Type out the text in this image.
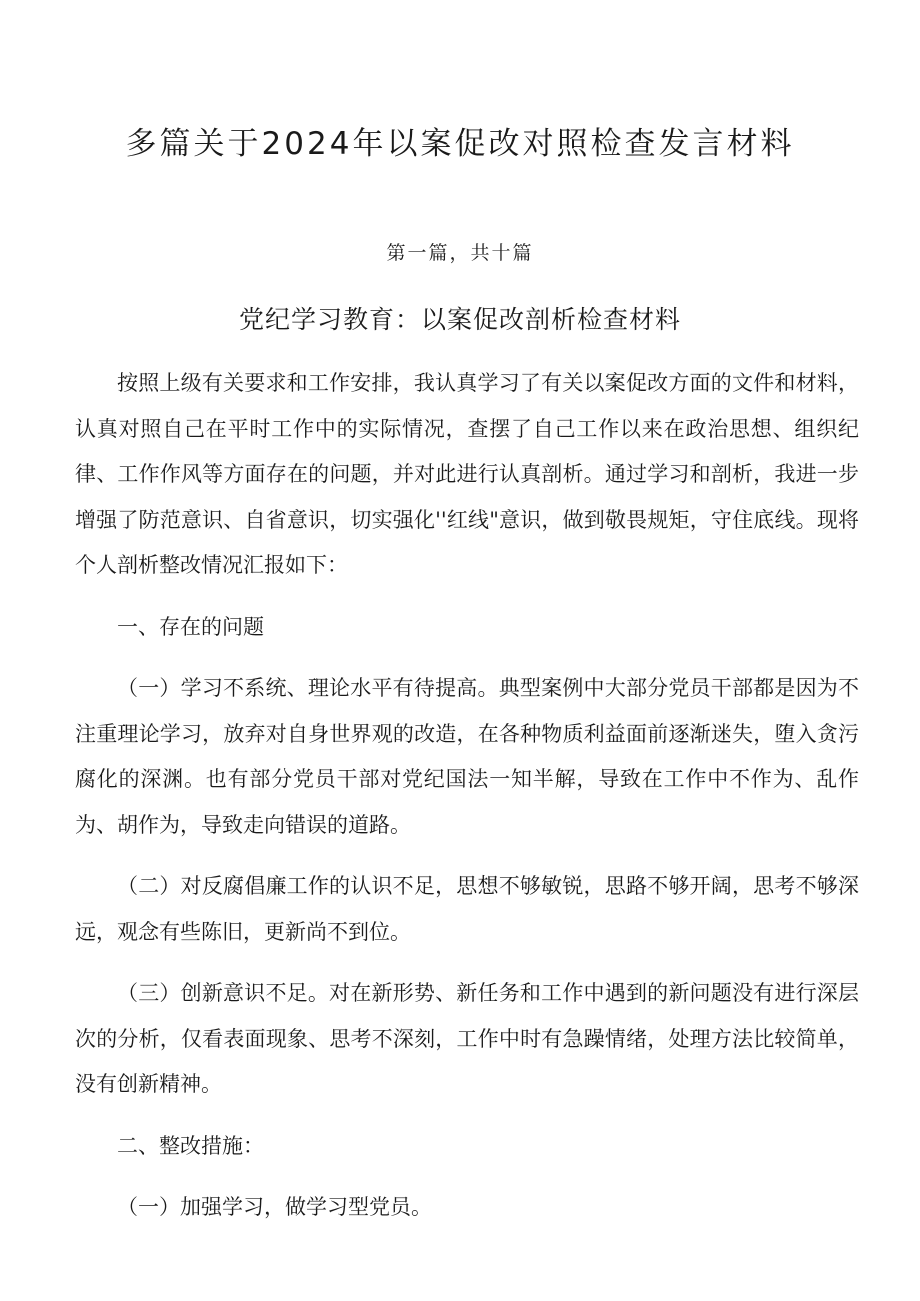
多篇关于2024年以案促改对照检查发言材料
第一篇，共十篇
党纪学习教育：以案促改剖析检查材料

按照上级有关要求和工作安排，我认真学习了有关以案促改方面的文件和材料，认真对照自己在平时工作中的实际情况，查摆了自己工作以来在政治思想、组织纪律、工作作风等方面存在的问题，并对此进行认真剖析。通过学习和剖析，我进一步增强了防范意识、自省意识，切实强化''红线"意识，做到敬畏规矩，守住底线。现将个人剖析整改情况汇报如下：

一、存在的问题

（一）学习不系统、理论水平有待提高。典型案例中大部分党员干部都是因为不注重理论学习，放弃对自身世界观的改造，在各种物质利益面前逐渐迷失，堕入贪污腐化的深渊。也有部分党员干部对党纪国法一知半解，导致在工作中不作为、乱作为、胡作为，导致走向错误的道路。

（二）对反腐倡廉工作的认识不足，思想不够敏锐，思路不够开阔，思考不够深远，观念有些陈旧，更新尚不到位。

（三）创新意识不足。对在新形势、新任务和工作中遇到的新问题没有进行深层次的分析，仅看表面现象、思考不深刻，工作中时有急躁情绪，处理方法比较简单，没有创新精神。

二、整改措施：

（一）加强学习，做学习型党员。
